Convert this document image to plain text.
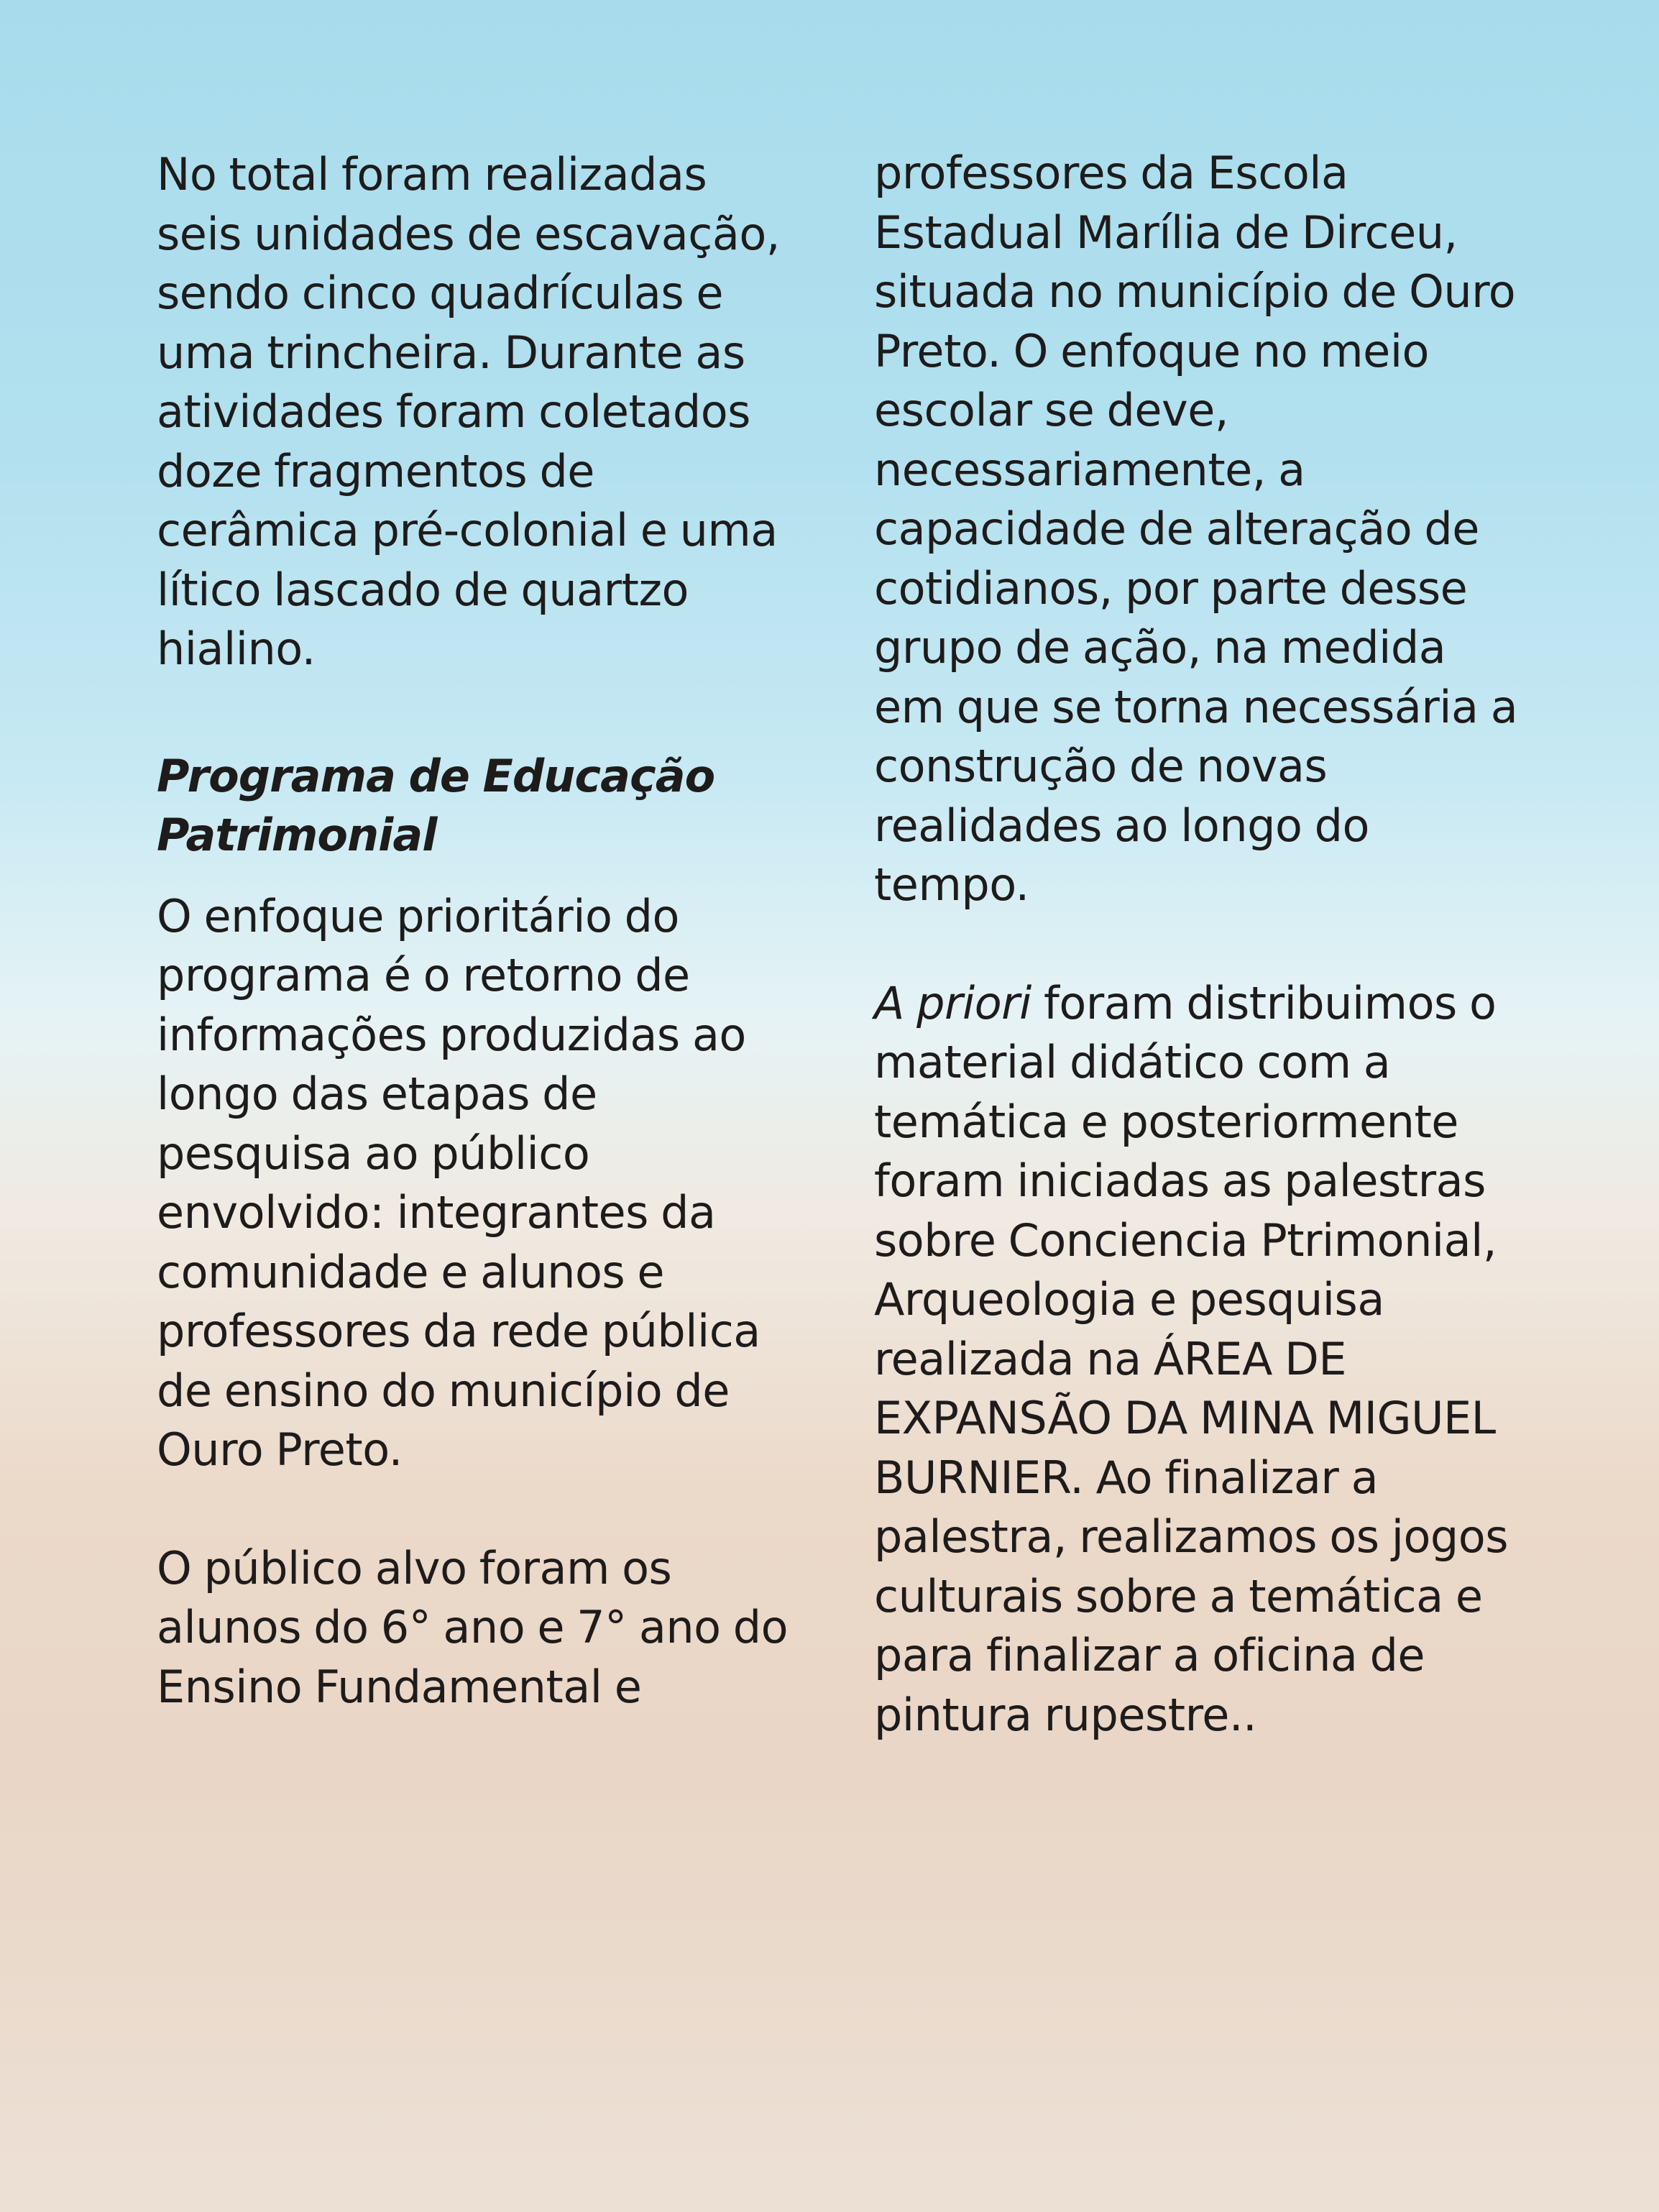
No total foram realizadas seis unidades de escavação, sendo cinco quadrículas e uma trincheira. Durante as atividades foram coletados doze fragmentos de cerâmica pré-colonial e uma lítico lascado de quartzo hialino.

Programa de Educação
Patrimonial

O enfoque prioritário do programa é o retorno de informações produzidas ao longo das etapas de pesquisa ao público envolvido: integrantes da comunidade e alunos e professores da rede pública de ensino do município de Ouro Preto.

O público alvo foram os alunos do 6° ano e 7° ano do Ensino Fundamental e

professores da Escola Estadual Marília de Dirceu, situada no município de Ouro Preto. O enfoque no meio escolar se deve, necessariamente, a capacidade de alteração de cotidianos, por parte desse grupo de ação, na medida em que se torna necessária a construção de novas realidades ao longo do tempo.

A priori foram distribuimos o material didático com a temática e posteriormente foram iniciadas as palestras sobre Conciencia Ptrimonial, Arqueologia e pesquisa realizada na ÁREA DE EXPANSÃO DA MINA MIGUEL BURNIER. Ao finalizar a palestra, realizamos os jogos culturais sobre a temática e para finalizar a oficina de pintura rupestre..
